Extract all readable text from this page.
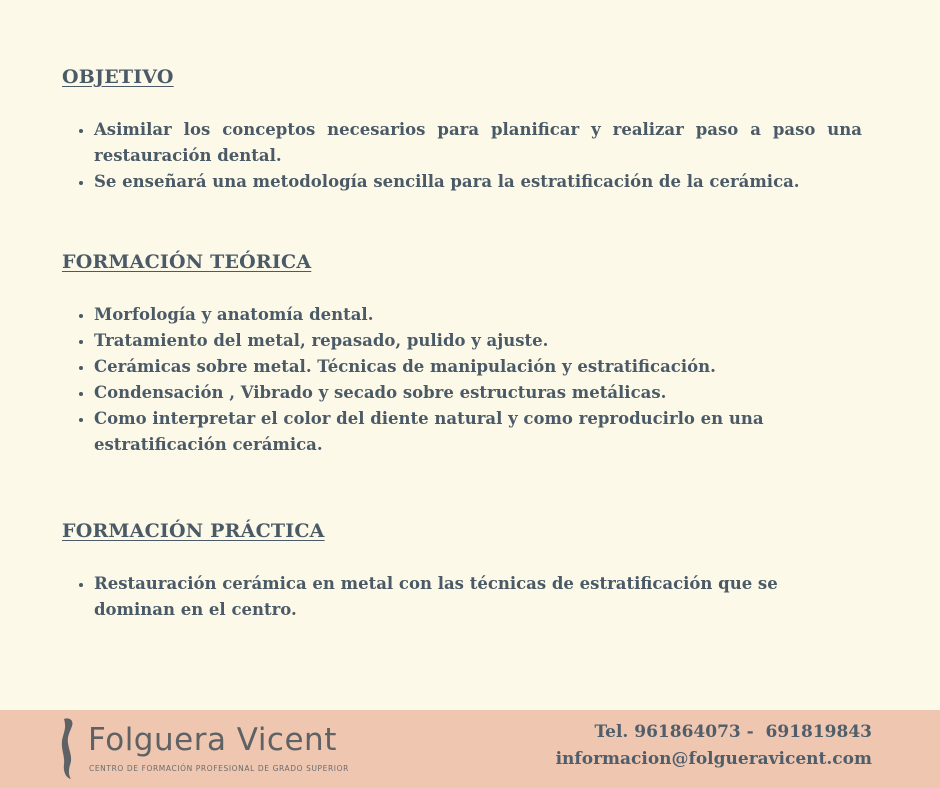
OBJETIVO
• Asimilar los conceptos necesarios para planificar y realizar paso a paso una restauración dental.
• Se enseñará una metodología sencilla para la estratificación de la cerámica.
FORMACIÓN TEÓRICA
• Morfología y anatomía dental.
• Tratamiento del metal, repasado, pulido y ajuste.
• Cerámicas sobre metal. Técnicas de manipulación y estratificación.
• Condensación , Vibrado y secado sobre estructuras metálicas.
• Como interpretar el color del diente natural y como reproducirlo en una estratificación cerámica.
FORMACIÓN PRÁCTICA
• Restauración cerámica en metal con las técnicas de estratificación que se dominan en el centro.
Folguera Vicent
CENTRO DE FORMACIÓN PROFESIONAL DE GRADO SUPERIOR
Tel. 961864073 -  691819843
informacion@folgueravicent.com
